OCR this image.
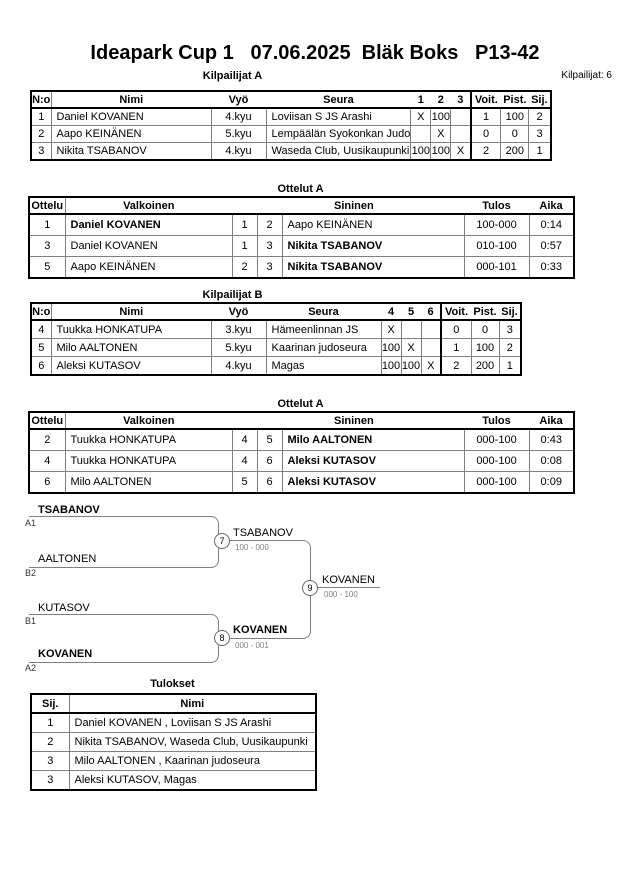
Ideapark Cup 1   07.06.2025  Bläk Boks   P13-42
Kilpailijat A	Kilpailijat: 6
N:o	Nimi	Vyö	Seura	1	2	3	Voit.	Pist.	Sij.
1	Daniel KOVANEN	4.kyu	Loviisan S JS Arashi	X	100		1	100	2
2	Aapo KEINÄNEN	5.kyu	Lempäälän Syokonkan Judo		X		0	0	3
3	Nikita TSABANOV	4.kyu	Waseda Club, Uusikaupunki	100	100	X	2	200	1
Ottelut A
Ottelu	Valkoinen			Sininen	Tulos	Aika
1	Daniel KOVANEN	1	2	Aapo KEINÄNEN	100-000	0:14
3	Daniel KOVANEN	1	3	Nikita TSABANOV	010-100	0:57
5	Aapo KEINÄNEN	2	3	Nikita TSABANOV	000-101	0:33
Kilpailijat B
N:o	Nimi	Vyö	Seura	4	5	6	Voit.	Pist.	Sij.
4	Tuukka HONKATUPA	3.kyu	Hämeenlinnan JS	X			0	0	3
5	Milo AALTONEN	5.kyu	Kaarinan judoseura	100	X		1	100	2
6	Aleksi KUTASOV	4.kyu	Magas	100	100	X	2	200	1
Ottelut A
Ottelu	Valkoinen			Sininen	Tulos	Aika
2	Tuukka HONKATUPA	4	5	Milo AALTONEN	000-100	0:43
4	Tuukka HONKATUPA	4	6	Aleksi KUTASOV	000-100	0:08
6	Milo AALTONEN	5	6	Aleksi KUTASOV	000-100	0:09
TSABANOV
A1
AALTONEN
B2
7
TSABANOV
100 - 000
KUTASOV
B1
KOVANEN
A2
8
KOVANEN
000 - 001
9
KOVANEN
000 - 100
Tulokset
Sij.	Nimi
1	Daniel KOVANEN , Loviisan S JS Arashi
2	Nikita TSABANOV, Waseda Club, Uusikaupunki
3	Milo AALTONEN , Kaarinan judoseura
3	Aleksi KUTASOV, Magas
